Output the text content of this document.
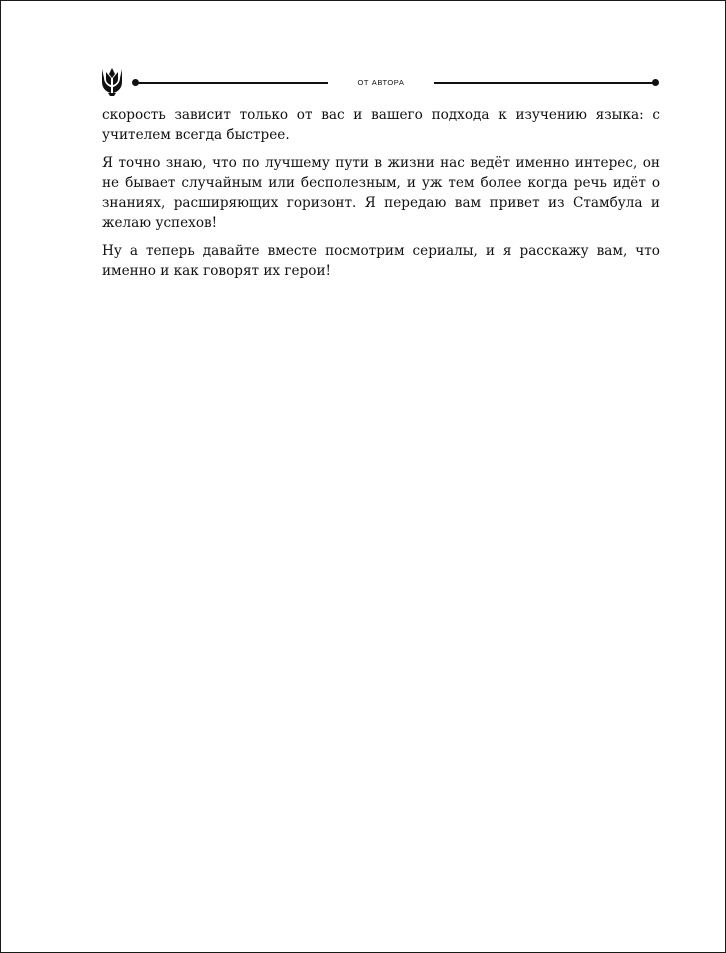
ОТ АВТОРА

скорость зависит только от вас и вашего подхода к изучению языка: с учителем всегда быстрее.

Я точно знаю, что по лучшему пути в жизни нас ведёт именно интерес, он не бывает случайным или бесполезным, и уж тем более когда речь идёт о знаниях, расширяющих горизонт. Я передаю вам привет из Стамбула и желаю успехов!

Ну а теперь давайте вместе посмотрим сериалы, и я расскажу вам, что именно и как говорят их герои!
